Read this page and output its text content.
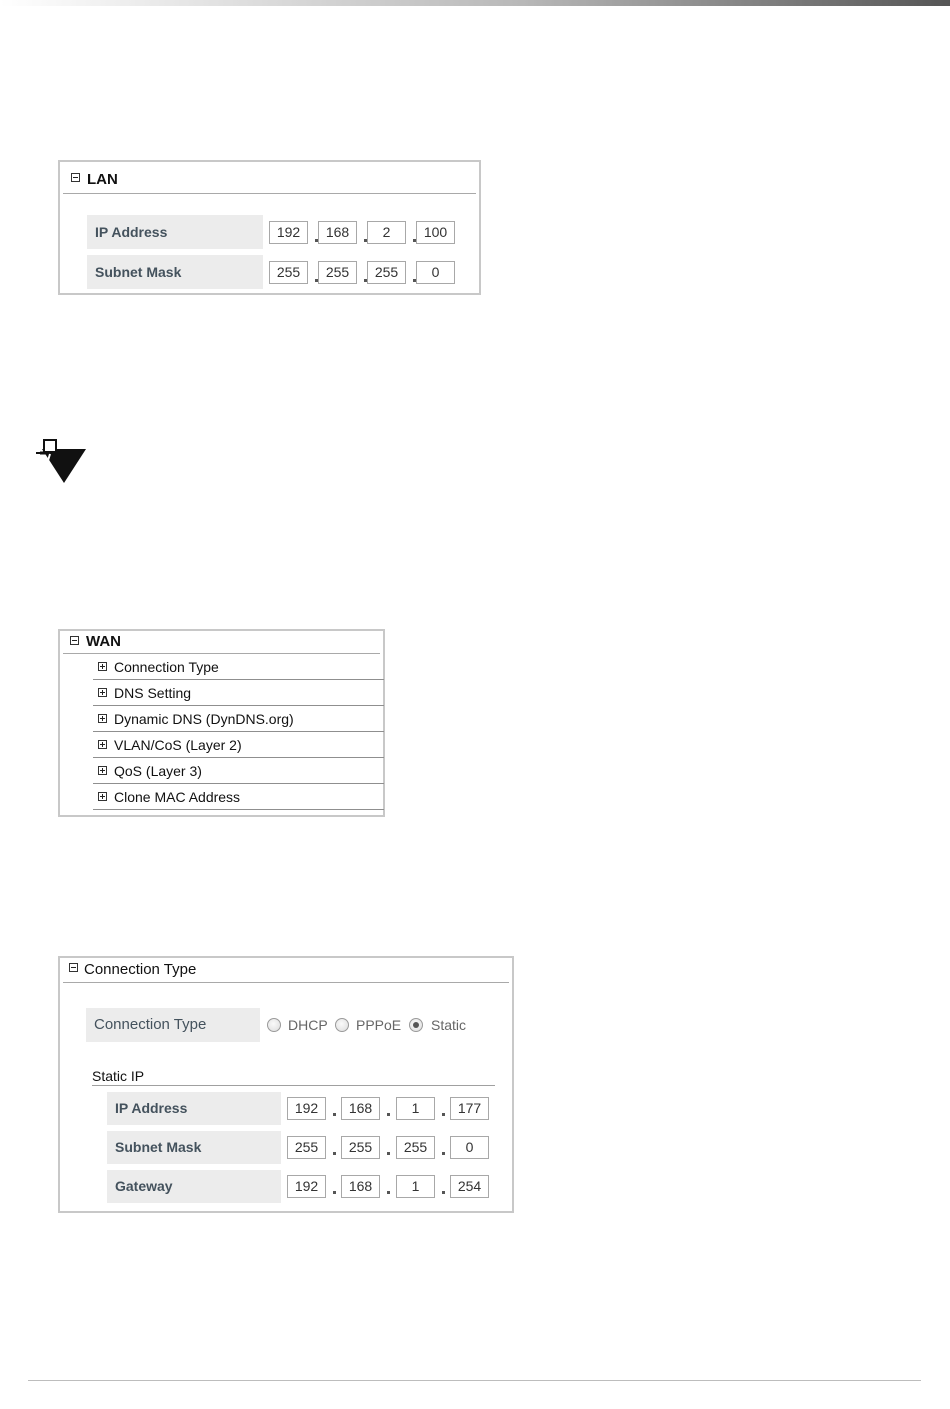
LAN
IP Address	192	168	2	100
Subnet Mask	255	255	255	0
WAN
Connection Type
DNS Setting
Dynamic DNS (DynDNS.org)
VLAN/CoS (Layer 2)
QoS (Layer 3)
Clone MAC Address
Connection Type
Connection Type	DHCP PPPoE Static
Static IP
IP Address	192	168	1	177
Subnet Mask	255	255	255	0
Gateway	192	168	1	254
